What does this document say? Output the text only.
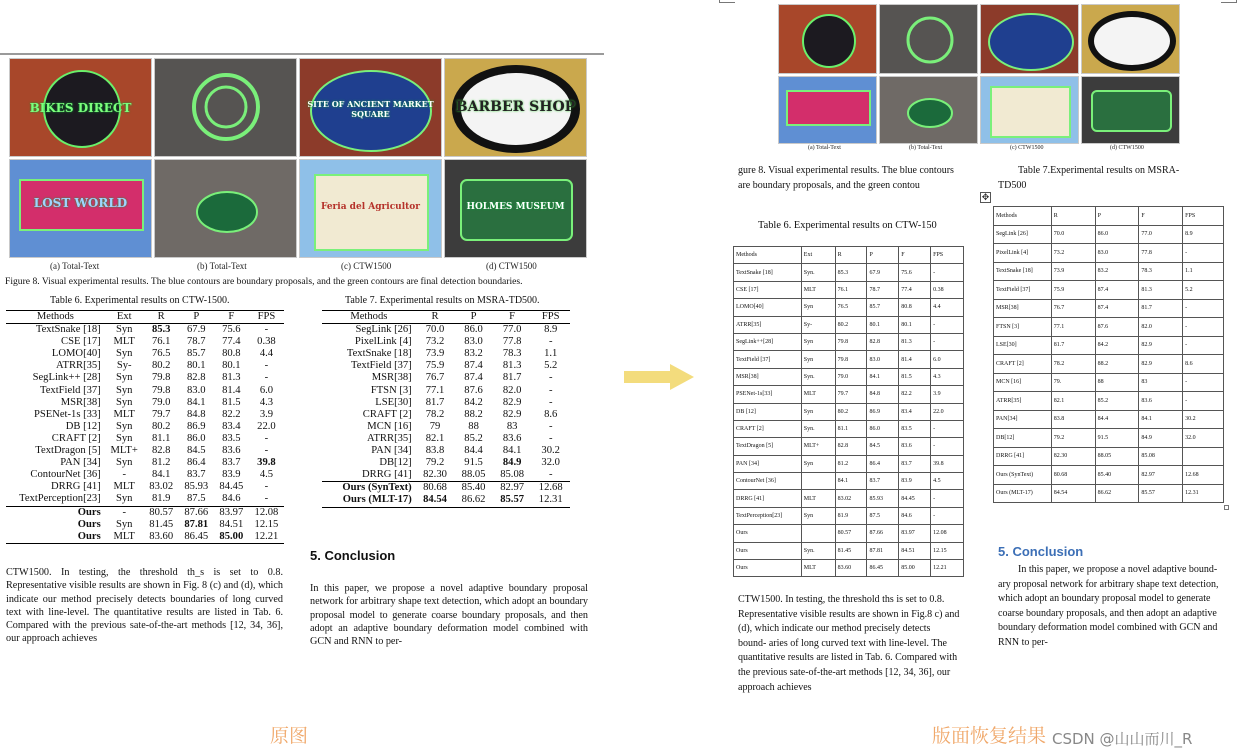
BIKES DIRECT	SITE OF ANCIENT MARKET SQUARE	BARBER SHOP
LOST WORLD	Feria del Agricultor	HOLMES MUSEUM
(a) Total-Text	(b) Total-Text	(c) CTW1500	(d) CTW1500
Figure 8. Visual experimental results. The blue contours are boundary proposals, and the green contours are final detection boundaries.
Table 6. Experimental results on CTW-1500.
Methods	Ext	R	P	F	FPS
TextSnake [18]	Syn	85.3	67.9	75.6	-
CSE [17]	MLT	76.1	78.7	77.4	0.38
LOMO[40]	Syn	76.5	85.7	80.8	4.4
ATRR[35]	Sy-	80.2	80.1	80.1	-
SegLink++ [28]	Syn	79.8	82.8	81.3	-
TextField [37]	Syn	79.8	83.0	81.4	6.0
MSR[38]	Syn	79.0	84.1	81.5	4.3
PSENet-1s [33]	MLT	79.7	84.8	82.2	3.9
DB [12]	Syn	80.2	86.9	83.4	22.0
CRAFT [2]	Syn	81.1	86.0	83.5	-
TextDragon [5]	MLT+	82.8	84.5	83.6	-
PAN [34]	Syn	81.2	86.4	83.7	39.8
ContourNet [36]	-	84.1	83.7	83.9	4.5
DRRG [41]	MLT	83.02	85.93	84.45	-
TextPerception[23]	Syn	81.9	87.5	84.6	-
Ours	-	80.57	87.66	83.97	12.08
Ours	Syn	81.45	87.81	84.51	12.15
Ours	MLT	83.60	86.45	85.00	12.21
Table 7. Experimental results on MSRA-TD500.
Methods	R	P	F	FPS
SegLink [26]	70.0	86.0	77.0	8.9
PixelLink [4]	73.2	83.0	77.8	-
TextSnake [18]	73.9	83.2	78.3	1.1
TextField [37]	75.9	87.4	81.3	5.2
MSR[38]	76.7	87.4	81.7	-
FTSN [3]	77.1	87.6	82.0	-
LSE[30]	81.7	84.2	82.9	-
CRAFT [2]	78.2	88.2	82.9	8.6
MCN [16]	79	88	83	-
ATRR[35]	82.1	85.2	83.6	-
PAN [34]	83.8	84.4	84.1	30.2
DB[12]	79.2	91.5	84.9	32.0
DRRG [41]	82.30	88.05	85.08	-
Ours (SynText)	80.68	85.40	82.97	12.68
Ours (MLT-17)	84.54	86.62	85.57	12.31
CTW1500. In testing, the threshold th_s is set to 0.8. Representative visible results are shown in Fig. 8 (c) and (d), which indicate our method precisely detects boundaries of long curved text with line-level. The quantitative results are listed in Tab. 6. Compared with the previous sate-of-the-art methods [12, 34, 36], our approach achieves
5. Conclusion
In this paper, we propose a novel adaptive boundary proposal network for arbitrary shape text detection, which adopt an boundary proposal model to generate coarse boundary proposals, and then adopt an adaptive boundary deformation model combined with GCN and RNN to per-
原图
(a) Total-Text	(b) Total-Text	(c) CTW1500	(d) CTW1500
gure 8. Visual experimental results. The blue contours are boundary proposals, and the green contou
Table 6. Experimental results on CTW-150
Methods	Ext	R	P	F	FPS
TextSnake [18]	Syn.	85.3	67.9	75.6	-
CSE [17]	MLT	76.1	78.7	77.4	0.38
LOMO[40]	Syn	76.5	85.7	80.8	4.4
ATRR[35]	Sy-	80.2	80.1	80.1	-
SegLink++[28]	Syn	79.8	82.8	81.3	-
TextField [37]	Syn	79.8	83.0	81.4	6.0
MSR[38]	Syn.	79.0	84.1	81.5	4.3
PSENet-1s[33]	MLT	79.7	84.8	82.2	3.9
DB [12]	Syn	80.2	86.9	83.4	22.0
CRAFT [2]	Syn.	81.1	86.0	83.5	-
TextDragon [5]	MLT+	82.8	84.5	83.6	-
PAN [34]	Syn	81.2	86.4	83.7	39.8
ContourNet [36]		84.1	83.7	83.9	4.5
DRRG [41]	MLT	83.02	85.93	84.45	-
TextPerception[23]	Syn	81.9	87.5	84.6	-
Ours		80.57	87.66	83.97	12.08
Ours	Syn.	81.45	87.81	84.51	12.15
Ours	MLT	83.60	86.45	85.00	12.21
CTW1500. In testing, the threshold ths is set to 0.8. Representative visible results are shown in Fig.8 c) and (d), which indicate our method precisely detects bound- aries of long curved text with line-level. The quantitative results are listed in Tab. 6. Compared with the previous sate-of-the-art methods [12, 34, 36], our approach achieves
Table 7.Experimental results on MSRA-
TD500
✥
Methods	R	P	F	FPS
SegLink [26]	70.0	86.0	77.0	8.9
PixelLink [4]	73.2	83.0	77.8	-
TextSnake [18]	73.9	83.2	78.3	1.1
TextField [37]	75.9	87.4	81.3	5.2
MSR[38]	76.7	87.4	81.7	-
FTSN [3]	77.1	87.6	82.0	-
LSE[30]	81.7	84.2	82.9	-
CRAFT [2]	78.2	88.2	82.9	8.6
MCN [16]	79.	88	83	-
ATRR[35]	82.1	85.2	83.6	-
PAN[34]	83.8	84.4	84.1	30.2
DB[12]	79.2	91.5	84.9	32.0
DRRG [41]	82.30	88.05	85.08	
Ours (SynText)	80.68	85.40	82.97	12.68
Ours (MLT-17)	84.54	86.62	85.57	12.31
5. Conclusion
In this paper, we propose a novel adaptive bound- ary proposal network for arbitrary shape text detection, which adopt an boundary proposal model to generate coarse boundary proposals, and then adopt an adaptive boundary deformation model combined with GCN and RNN to per-
版面恢复结果 CSDN @山山而川_R
